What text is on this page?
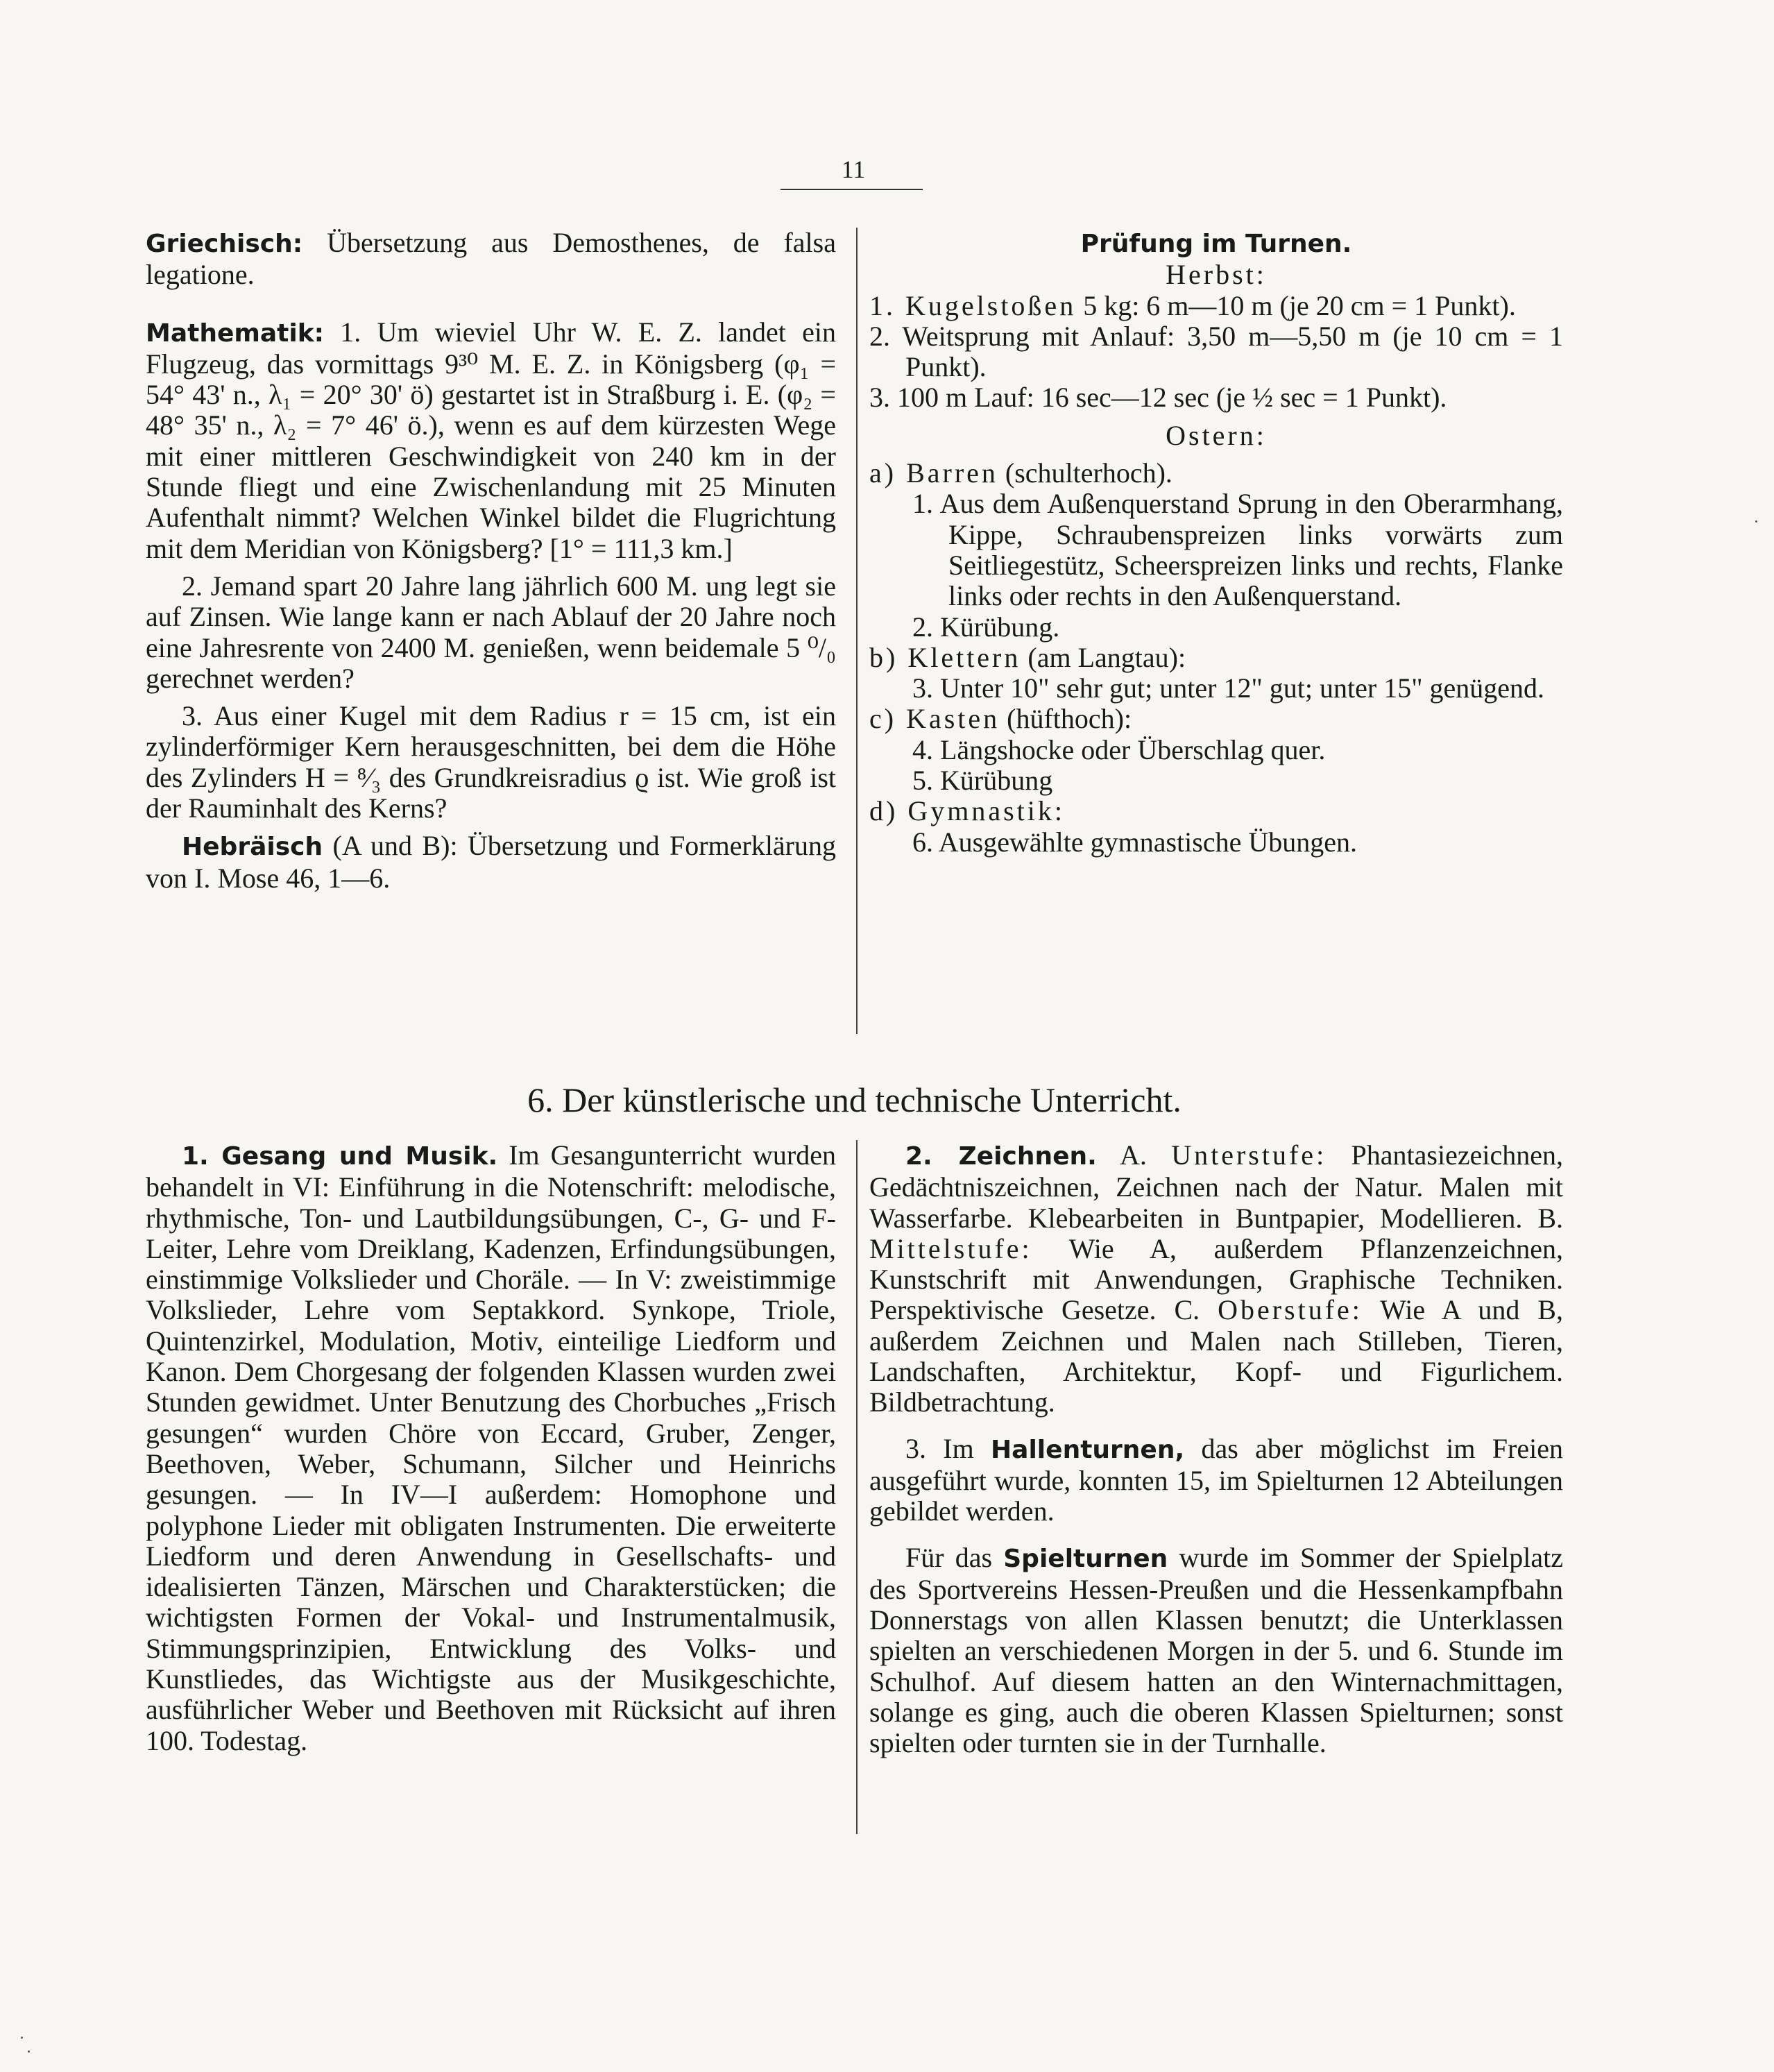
11

Griechisch: Übersetzung aus Demosthenes, de falsa legatione.

Mathematik: 1. Um wieviel Uhr W. E. Z. landet ein Flugzeug, das vormittags 9³⁰ M. E. Z. in Königsberg (φ₁ = 54° 43' n., λ₁ = 20° 30' ö) gestartet ist in Straßburg i. E. (φ₂ = 48° 35' n., λ₂ = 7° 46' ö.), wenn es auf dem kürzesten Wege mit einer mittleren Geschwindigkeit von 240 km in der Stunde fliegt und eine Zwischenlandung mit 25 Minuten Aufenthalt nimmt? Welchen Winkel bildet die Flugrichtung mit dem Meridian von Königsberg? [1° = 111,3 km.]

2. Jemand spart 20 Jahre lang jährlich 600 M. ung legt sie auf Zinsen. Wie lange kann er nach Ablauf der 20 Jahre noch eine Jahresrente von 2400 M. genießen, wenn beidemale 5 ⁰/₀ gerechnet werden?

3. Aus einer Kugel mit dem Radius r = 15 cm, ist ein zylinderförmiger Kern herausgeschnitten, bei dem die Höhe des Zylinders H = ⁸⁄₃ des Grundkreisradius ϱ ist. Wie groß ist der Rauminhalt des Kerns?

Hebräisch (A und B): Übersetzung und Formerklärung von I. Mose 46, 1—6.

Prüfung im Turnen.

Herbst:

1. Kugelstoßen 5 kg: 6 m—10 m (je 20 cm = 1 Punkt).

2. Weitsprung mit Anlauf: 3,50 m—5,50 m (je 10 cm = 1 Punkt).

3. 100 m Lauf: 16 sec—12 sec (je ½ sec = 1 Punkt).

Ostern:

a) Barren (schulterhoch).

1. Aus dem Außenquerstand Sprung in den Oberarmhang, Kippe, Schraubenspreizen links vorwärts zum Seitliegestütz, Scheerspreizen links und rechts, Flanke links oder rechts in den Außenquerstand.

2. Kürübung.

b) Klettern (am Langtau):

3. Unter 10" sehr gut; unter 12" gut; unter 15" genügend.

c) Kasten (hüfthoch):

4. Längshocke oder Überschlag quer.

5. Kürübung

d) Gymnastik:

6. Ausgewählte gymnastische Übungen.

6. Der künstlerische und technische Unterricht.

1. Gesang und Musik. Im Gesangunterricht wurden behandelt in VI: Einführung in die Notenschrift: melodische, rhythmische, Ton- und Lautbildungsübungen, C-, G- und F-Leiter, Lehre vom Dreiklang, Kadenzen, Erfindungsübungen, einstimmige Volkslieder und Choräle. — In V: zweistimmige Volkslieder, Lehre vom Septakkord. Synkope, Triole, Quintenzirkel, Modulation, Motiv, einteilige Liedform und Kanon. Dem Chorgesang der folgenden Klassen wurden zwei Stunden gewidmet. Unter Benutzung des Chorbuches „Frisch gesungen“ wurden Chöre von Eccard, Gruber, Zenger, Beethoven, Weber, Schumann, Silcher und Heinrichs gesungen. — In IV—I außerdem: Homophone und polyphone Lieder mit obligaten Instrumenten. Die erweiterte Liedform und deren Anwendung in Gesellschafts- und idealisierten Tänzen, Märschen und Charakterstücken; die wichtigsten Formen der Vokal- und Instrumentalmusik, Stimmungsprinzipien, Entwicklung des Volks- und Kunstliedes, das Wichtigste aus der Musikgeschichte, ausführlicher Weber und Beethoven mit Rücksicht auf ihren 100. Todestag.

2. Zeichnen. A. Unterstufe: Phantasiezeichnen, Gedächtniszeichnen, Zeichnen nach der Natur. Malen mit Wasserfarbe. Klebearbeiten in Buntpapier, Modellieren. B. Mittelstufe: Wie A, außerdem Pflanzenzeichnen, Kunstschrift mit Anwendungen, Graphische Techniken. Perspektivische Gesetze. C. Oberstufe: Wie A und B, außerdem Zeichnen und Malen nach Stilleben, Tieren, Landschaften, Architektur, Kopf- und Figurlichem. Bildbetrachtung.

3. Im Hallenturnen, das aber möglichst im Freien ausgeführt wurde, konnten 15, im Spielturnen 12 Abteilungen gebildet werden.

Für das Spielturnen wurde im Sommer der Spielplatz des Sportvereins Hessen-Preußen und die Hessenkampfbahn Donnerstags von allen Klassen benutzt; die Unterklassen spielten an verschiedenen Morgen in der 5. und 6. Stunde im Schulhof. Auf diesem hatten an den Winternachmittagen, solange es ging, auch die oberen Klassen Spielturnen; sonst spielten oder turnten sie in der Turnhalle.
